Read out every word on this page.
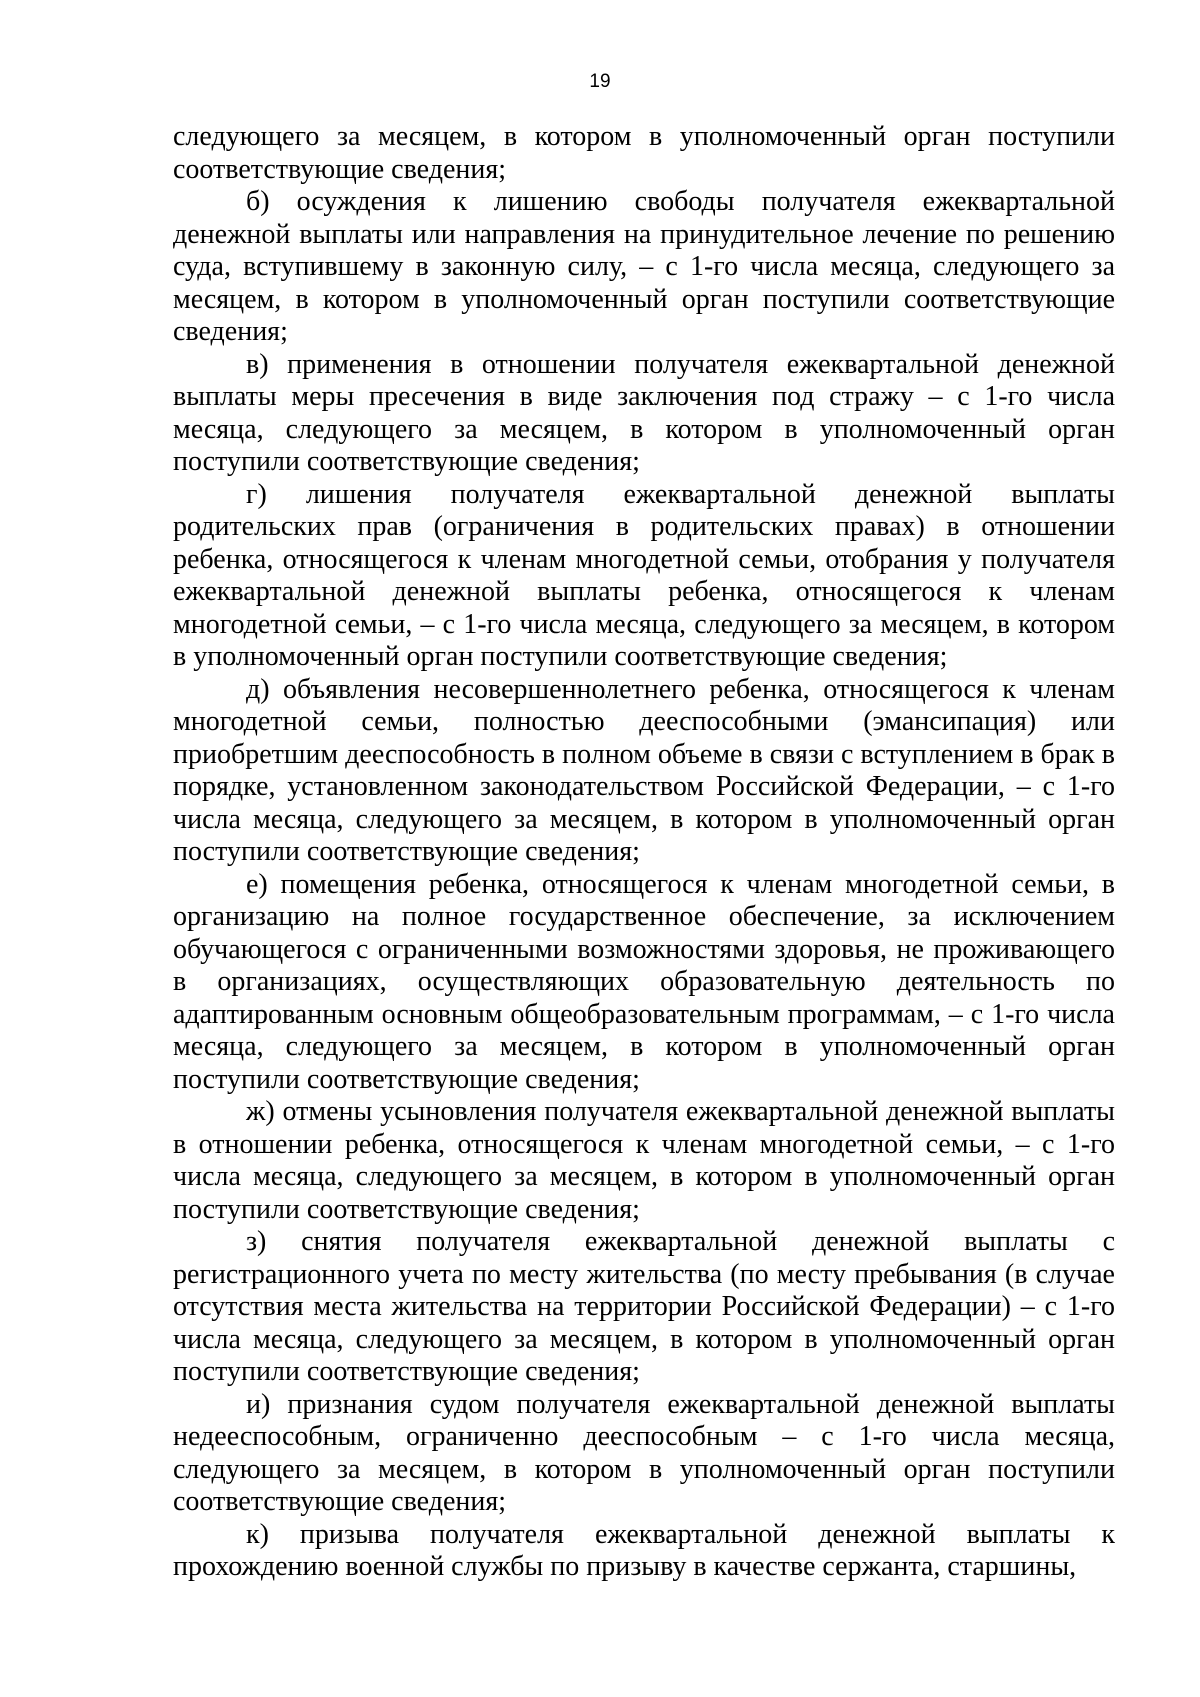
19

следующего за месяцем, в котором в уполномоченный орган поступили соответствующие сведения;

б) осуждения к лишению свободы получателя ежеквартальной денежной выплаты или направления на принудительное лечение по решению суда, вступившему в законную силу, – с 1-го числа месяца, следующего за месяцем, в котором в уполномоченный орган поступили соответствующие сведения;

в) применения в отношении получателя ежеквартальной денежной выплаты меры пресечения в виде заключения под стражу – с 1-го числа месяца, следующего за месяцем, в котором в уполномоченный орган поступили соответствующие сведения;

г) лишения получателя ежеквартальной денежной выплаты родительских прав (ограничения в родительских правах) в отношении ребенка, относящегося к членам многодетной семьи, отобрания у получателя ежеквартальной денежной выплаты ребенка, относящегося к членам многодетной семьи, – с 1-го числа месяца, следующего за месяцем, в котором в уполномоченный орган поступили соответствующие сведения;

д) объявления несовершеннолетнего ребенка, относящегося к членам многодетной семьи, полностью дееспособными (эмансипация) или приобретшим дееспособность в полном объеме в связи с вступлением в брак в порядке, установленном законодательством Российской Федерации, – с 1-го числа месяца, следующего за месяцем, в котором в уполномоченный орган поступили соответствующие сведения;

е) помещения ребенка, относящегося к членам многодетной семьи, в организацию на полное государственное обеспечение, за исключением обучающегося с ограниченными возможностями здоровья, не проживающего в организациях, осуществляющих образовательную деятельность по адаптированным основным общеобразовательным программам, – с 1-го числа месяца, следующего за месяцем, в котором в уполномоченный орган поступили соответствующие сведения;

ж) отмены усыновления получателя ежеквартальной денежной выплаты в отношении ребенка, относящегося к членам многодетной семьи, – с 1-го числа месяца, следующего за месяцем, в котором в уполномоченный орган поступили соответствующие сведения;

з) снятия получателя ежеквартальной денежной выплаты с регистрационного учета по месту жительства (по месту пребывания (в случае отсутствия места жительства на территории Российской Федерации) – с 1-го числа месяца, следующего за месяцем, в котором в уполномоченный орган поступили соответствующие сведения;

и) признания судом получателя ежеквартальной денежной выплаты недееспособным, ограниченно дееспособным – с 1-го числа месяца, следующего за месяцем, в котором в уполномоченный орган поступили соответствующие сведения;

к) призыва получателя ежеквартальной денежной выплаты к прохождению военной службы по призыву в качестве сержанта, старшины,
